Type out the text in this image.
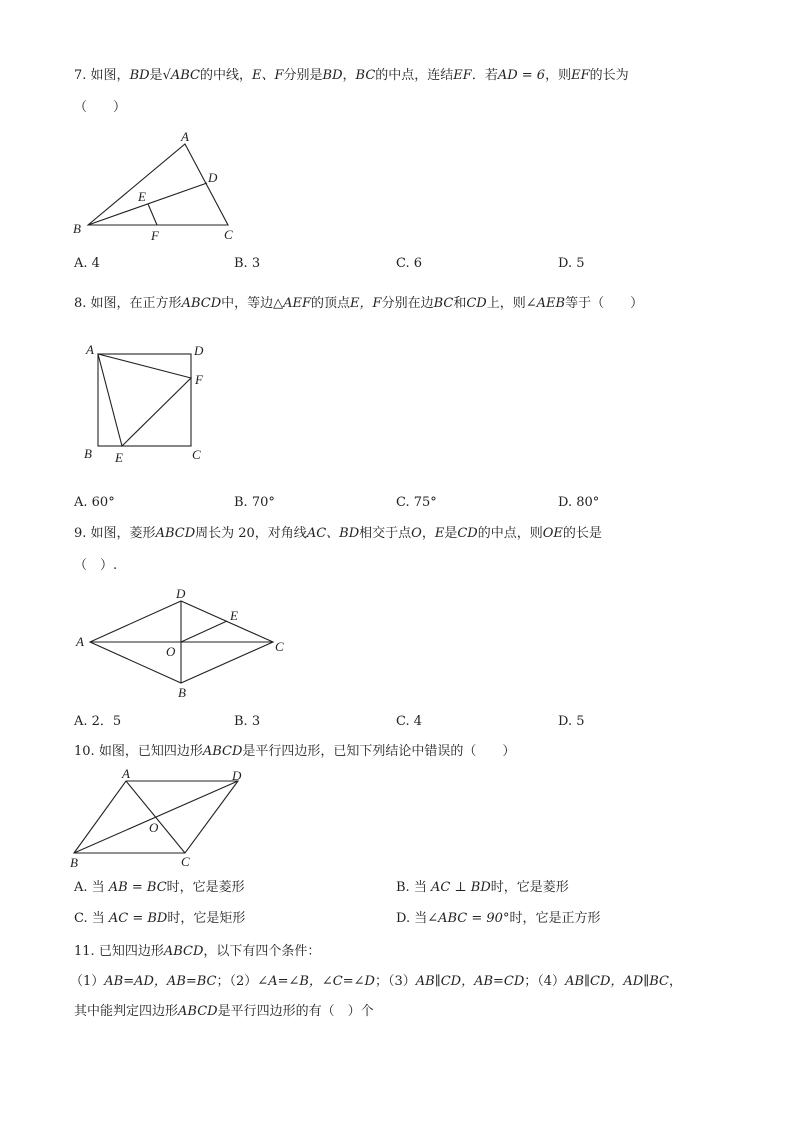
7. 如图，BD是√ABC的中线，E、F分别是BD，BC的中点，连结EF．若AD = 6，则EF的长为
（　　）
A
B	C
D
E
F
A. 4	B. 3	C. 6	D. 5
8. 如图，在正方形ABCD中，等边△AEF的顶点E，F分别在边BC和CD上，则∠AEB等于（　　）
A	D
F
B E	C
A. 60°	B. 70°	C. 75°	D. 80°
9. 如图，菱形ABCD周长为 20，对角线AC、BD相交于点O，E是CD的中点，则OE的长是
（　）.
A
D
E
C
O
B
A. 2．5	B. 3	C. 4	D. 5
10. 如图，已知四边形ABCD是平行四边形，已知下列结论中错误的（　　）
A	D
O
B	C
A. 当 AB = BC时，它是菱形	B. 当 AC ⊥ BD时，它是菱形
C. 当 AC = BD时，它是矩形	D. 当∠ABC = 90°时，它是正方形
11. 已知四边形ABCD，以下有四个条件：
（1）AB=AD，AB=BC；（2）∠A=∠B，∠C=∠D；（3）AB∥CD，AB=CD；（4）AB∥CD，AD∥BC，
其中能判定四边形ABCD是平行四边形的有（　）个
